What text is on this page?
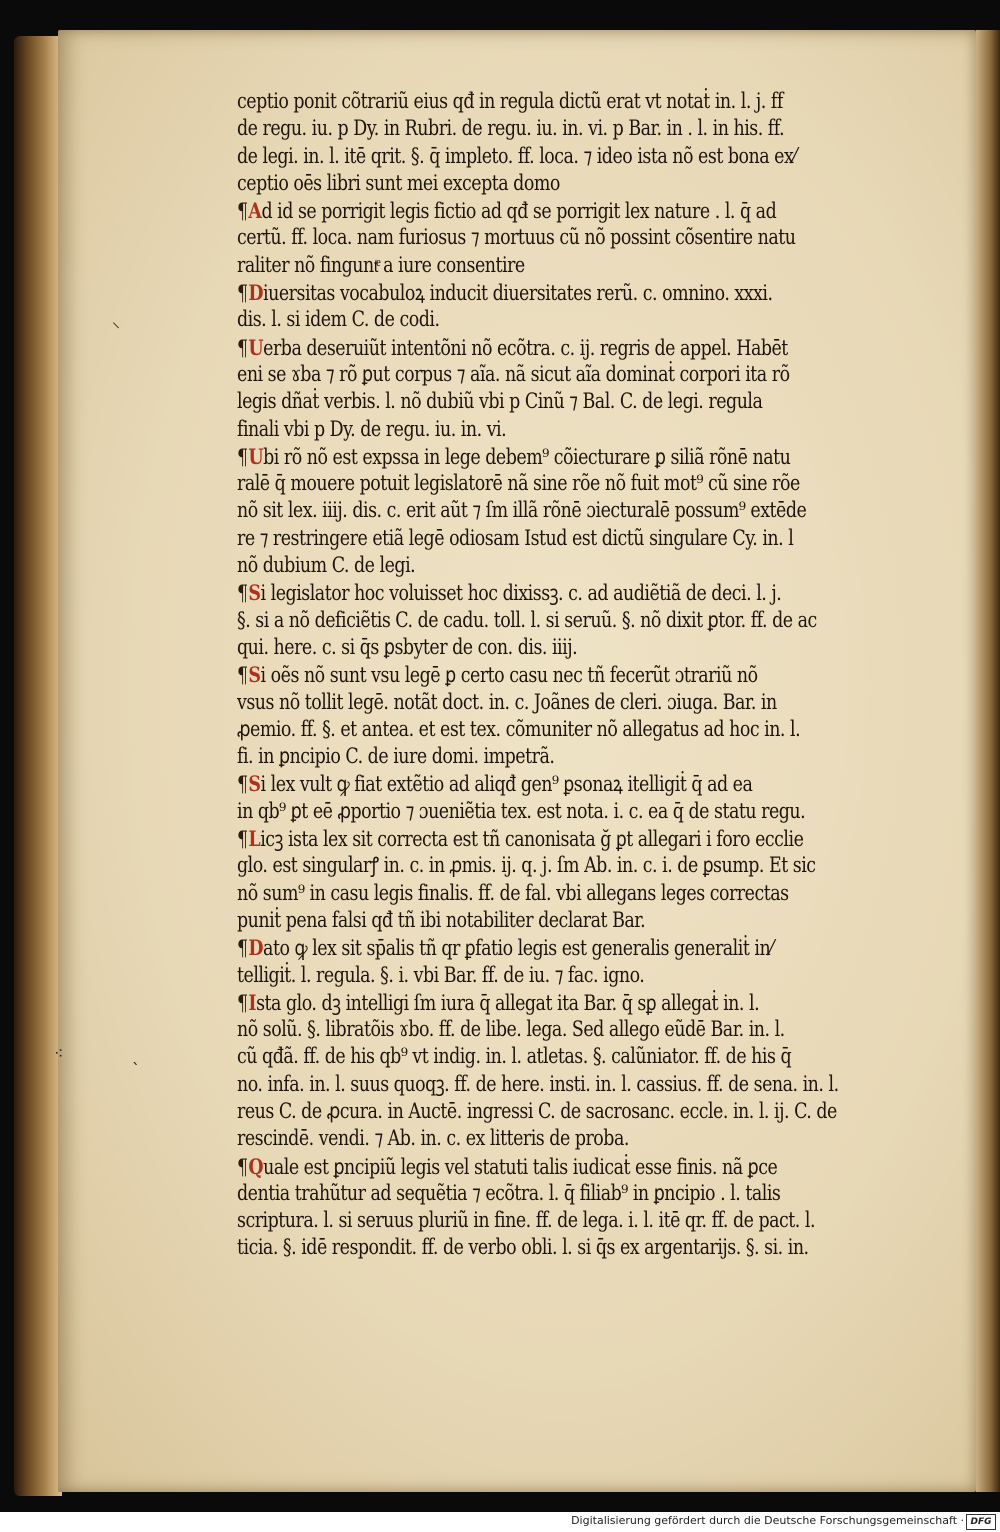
⸜
⁖
ˋ
ceptio ponit cõtrariũ eius qđ in regula dictũ erat vt notaṫ in. l. j. ff
de regu. iu. p Dy. in Rubri. de regu. iu. in. vi. p Bar. in . l. in his. ff.
de legi. in. l. itē qrit. §. q̄ impleto. ff. loca. ⁊ ideo ista nõ est bona ex⁄
ceptio oēs libri sunt mei excepta domo
¶Ad id se porrigit legis fictio ad qđ se porrigit lex nature . l. q̄ ad
certũ. ff. loca. nam furiosus ⁊ mortuus cũ nõ possint cõsentire natu
raliter nõ finguntͤ a iure consentire
¶Diuersitas vocabuloꝝ inducit diuersitates rerũ. c. omnino. xxxi.
dis. l. si idem C. de codi.
¶Uerba deseruiũt intentõni nõ ecõtra. c. ij. regris de appel. Habēt
eni se ɤba ⁊ rõ ꝑut corpus ⁊ aĩa. nã sicut aĩa dominaṫ corpori ita rõ
legis dñaṫ verbis. l. nõ dubiũ vbi p Cinũ ⁊ Bal. C. de legi. regula
finali vbi p Dy. de regu. iu. in. vi.
¶Ubi rõ nõ est expssa in lege debem⁹ cõiecturare ꝑ siliã rõnē natu
ralē q̄ mouere potuit legislatorē nã sine rõe nõ fuit mot⁹ cũ sine rõe
nõ sit lex. iiij. dis. c. erit aũt ⁊ ſm illã rõnē ɔiecturalē possum⁹ extēde
re ⁊ restringere etiã legē odiosam Istud est dictũ singulare Cy. in. l
nõ dubium C. de legi.
¶Si legislator hoc voluisset hoc dixissꝫ. c. ad audiẽtiã de deci. l. j.
§. si a nõ deficiẽtis C. de cadu. toll. l. si seruũ. §. nõ dixit ꝑtor. ff. de ac
qui. here. c. si q̄s ꝑsbyter de con. dis. iiij.
¶Si oẽs nõ sunt vsu legē ꝑ certo casu nec tñ fecerũt ɔtrariũ nõ
vsus nõ tollit legē. notãt doct. in. c. Joãnes de cleri. ɔiuga. Bar. in
ꝓemio. ff. §. et antea. et est tex. cõmuniter nõ allegatus ad hoc in. l.
fi. in ꝑncipio C. de iure domi. impetrã.
¶Si lex vult ꝙ fiat extẽtio ad aliqđ gen⁹ ꝑsonaꝝ itelligiṫ q̄ ad ea
in qb⁹ ꝑt eē ꝓportio ⁊ ɔueniẽtia tex. est nota. i. c. ea q̄ de statu regu.
¶Licꝫ ista lex sit correcta est tñ canonisata ğ ꝑt allegari i foro ecclie
glo. est singularꝭ in. c. in ꝓmis. ij. q. j. ſm Ab. in. c. i. de ꝑsump. Et sic
nõ sum⁹ in casu legis finalis. ff. de fal. vbi allegans leges correctas
puniṫ pena falsi qđ tñ ibi notabiliter declarat Bar.
¶Dato ꝙ lex sit sp̄alis tñ qr ꝑfatio legis est generalis generaliṫ in⁄
telligiṫ. l. regula. §. i. vbi Bar. ff. de iu. ⁊ fac. igno.
¶Ista glo. dꝫ intelligi ſm iura q̄ allegat ita Bar. q̄ sꝑ allegaṫ in. l.
nõ solũ. §. libratõis ɤbo. ff. de libe. lega. Sed allego eũdē Bar. in. l.
cũ qđã. ff. de his qb⁹ vt indig. in. l. atletas. §. calũniator. ff. de his q̄
no. infa. in. l. suus quoqꝫ. ff. de here. insti. in. l. cassius. ff. de sena. in. l.
reus C. de ꝓcura. in Auctē. ingressi C. de sacrosanc. eccle. in. l. ij. C. de
rescindē. vendi. ⁊ Ab. in. c. ex litteris de proba.
¶Quale est ꝑncipiũ legis vel statuti talis iudicaṫ esse finis. nã ꝑce
dentia trahũtur ad sequẽtia ⁊ ecõtra. l. q̄ filiab⁹ in ꝑncipio . l. talis
scriptura. l. si seruus pluriũ in fine. ff. de lega. i. l. itē qr. ff. de pact. l.
ticia. §. idē respondit. ff. de verbo obli. l. si q̄s ex argentarijs. §. si. in.
Digitalisierung gefördert durch die Deutsche Forschungsgemeinschaft · DFG
